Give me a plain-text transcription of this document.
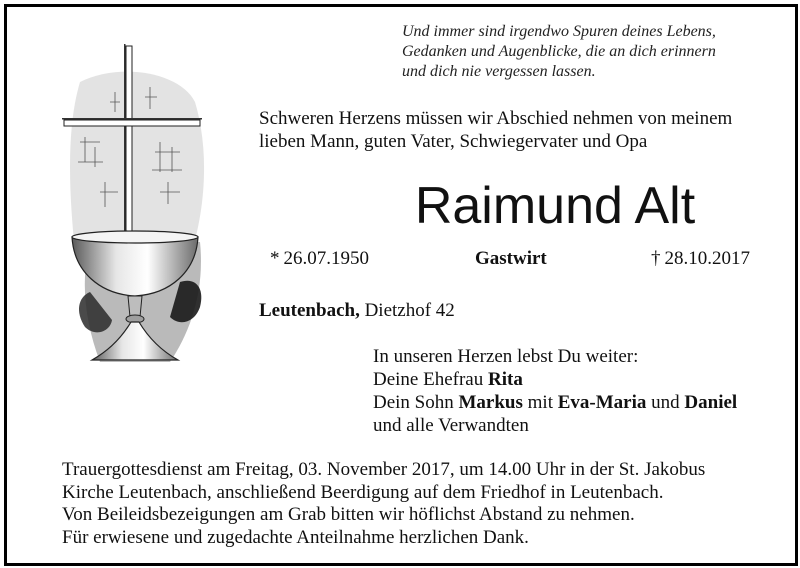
Und immer sind irgendwo Spuren deines Lebens,
Gedanken und Augenblicke, die an dich erinnern
und dich nie vergessen lassen.
Schweren Herzens müssen wir Abschied nehmen von meinem
lieben Mann, guten Vater, Schwiegervater und Opa
Raimund Alt
* 26.07.1950	Gastwirt	† 28.10.2017
Leutenbach, Dietzhof 42
In unseren Herzen lebst Du weiter:
Deine Ehefrau Rita
Dein Sohn Markus mit Eva-Maria und Daniel
und alle Verwandten
Trauergottesdienst am Freitag, 03. November 2017, um 14.00 Uhr in der St. Jakobus
Kirche Leutenbach, anschließend Beerdigung auf dem Friedhof in Leutenbach.
Von Beileidsbezeigungen am Grab bitten wir höflichst Abstand zu nehmen.
Für erwiesene und zugedachte Anteilnahme herzlichen Dank.
